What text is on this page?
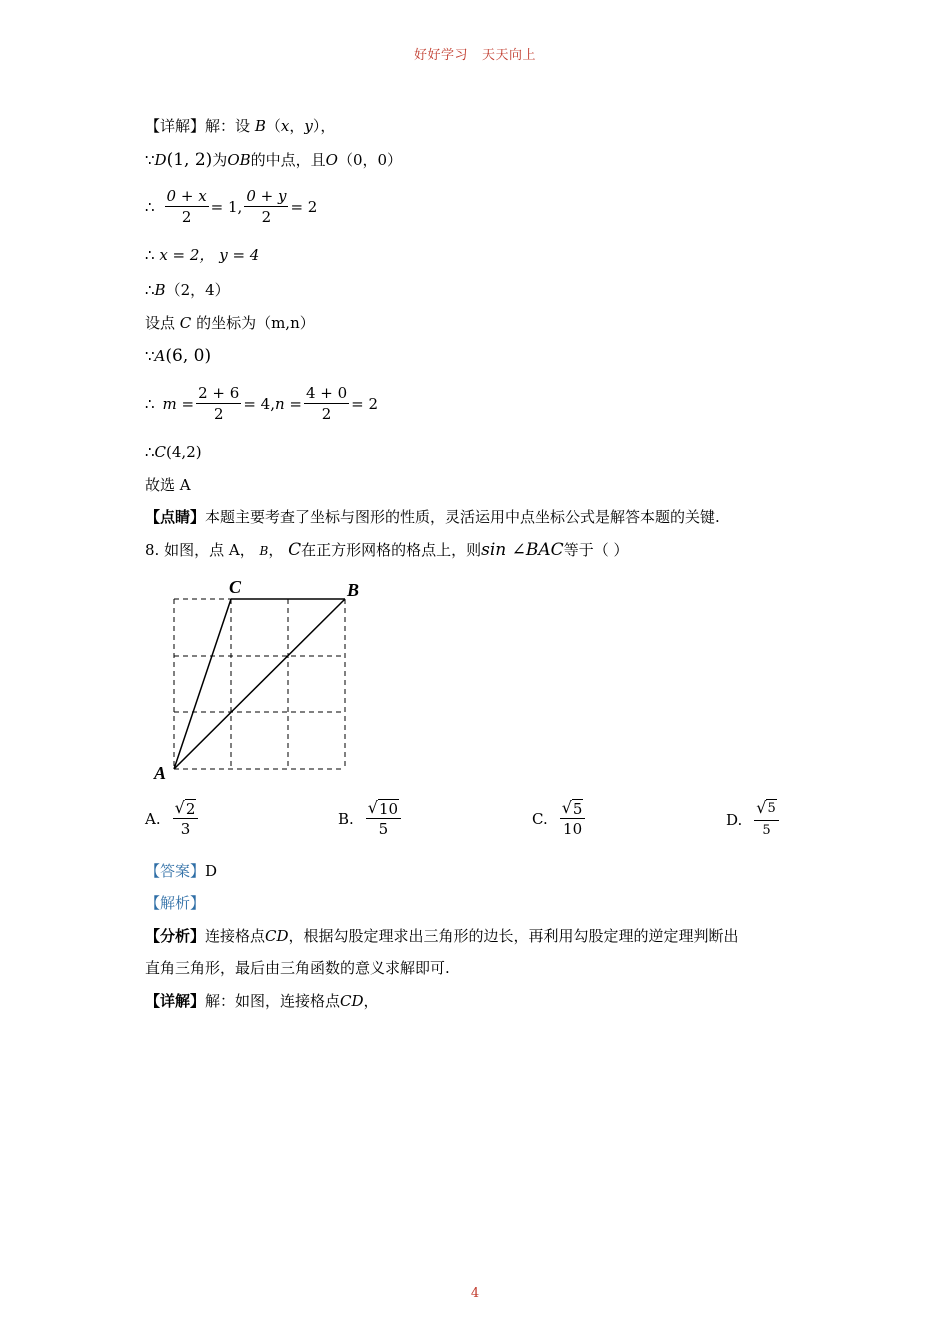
好好学习 天天向上
【详解】解：设 B（x，y），
∵D(1, 2)为OB的中点，且O（0，0）
∴ $\frac{0 + x}{2} = 1$, $\frac{0 + y}{2} = 2$
∴ x = 2， y = 4
∴B（2，4）
设点 C 的坐标为（m,n）
∵A(6, 0)
∴ $m = \frac{2 + 6}{2} = 4$, $n = \frac{4 + 0}{2} = 2$
∴C(4,2)
故选 A
【点睛】本题主要考查了坐标与图形的性质，灵活运用中点坐标公式是解答本题的关键.
8. 如图，点 A， B， C在正方形网格的格点上，则sin ∠BAC等于（ ）
A
B
C
A. $\frac{√ 2}{3}$	B. $\frac{√ 10}{5}$	C. $\frac{√ 5}{10}$	D. $\frac{√ 5}{5}$
【答案】D
【解析】
【分析】连接格点CD，根据勾股定理求出三角形的边长，再利用勾股定理的逆定理判断出
直角三角形，最后由三角函数的意义求解即可.
【详解】解：如图，连接格点CD，
4
